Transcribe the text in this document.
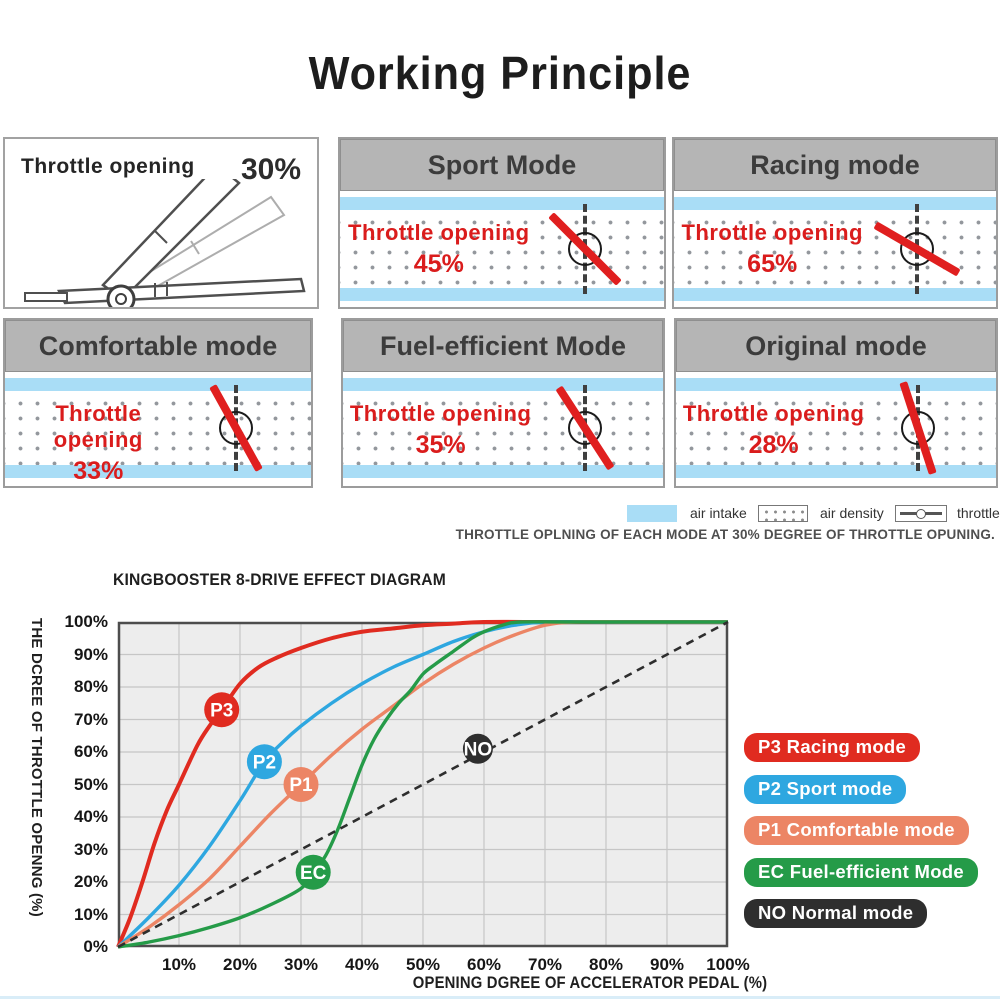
Working Principle
Throttle opening 30%	Sport Mode
Throttle opening
45%
Racing mode
Throttle opening
65%
Comfortable mode
Throttle opening
33%
Fuel-efficient Mode
Throttle opening
35%
Original mode
Throttle opening
28%
air intake	air density	throttle
THROTTLE OPLNING OF EACH MODE AT 30% DEGREE OF THROTTLE OPUNING.
KINGBOOSTER 8-DRIVE EFFECT DIAGRAM
THE DCREE OF THROTTLE OPENNG (%)	P3
P2
P1
EC
NO
100%
90%
80%
70%
60%
50%
40%
30%
20%
10%
0%
10%	20%	30%	40%	50%	60%	70%	80%	90%	100%
OPENING DGREE OF ACCELERATOR PEDAL (%)
P3 Racing mode
P2 Sport mode
P1 Comfortable mode
EC Fuel-efficient Mode
NO Normal mode
